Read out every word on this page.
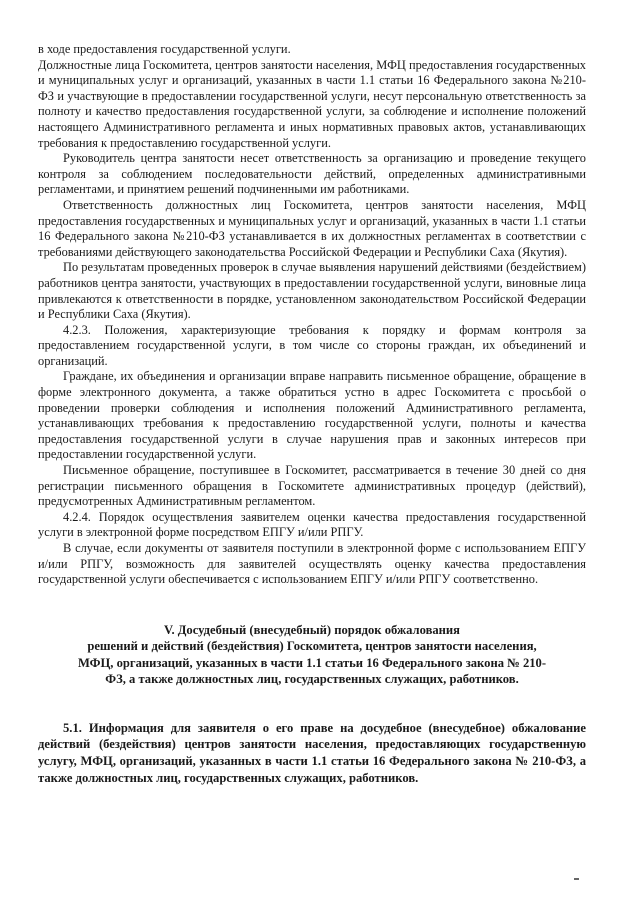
в ходе предоставления государственной услуги.

Должностные лица Госкомитета, центров занятости населения, МФЦ предоставления государственных и муниципальных услуг и организаций, указанных в части 1.1 статьи 16 Федерального закона №210-ФЗ и участвующие в предоставлении государственной услуги, несут персональную ответственность за полноту и качество предоставления государственной услуги, за соблюдение и исполнение положений настоящего Административного регламента и иных нормативных правовых актов, устанавливающих требования к предоставлению государственной услуги.

Руководитель центра занятости несет ответственность за организацию и проведение текущего контроля за соблюдением последовательности действий, определенных административными регламентами, и принятием решений подчиненными им работниками.

Ответственность должностных лиц Госкомитета, центров занятости населения, МФЦ предоставления государственных и муниципальных услуг и организаций, указанных в части 1.1 статьи 16 Федерального закона №210-ФЗ устанавливается в их должностных регламентах в соответствии с требованиями действующего законодательства Российской Федерации и Республики Саха (Якутия).

По результатам проведенных проверок в случае выявления нарушений действиями (бездействием) работников центра занятости, участвующих в предоставлении государственной услуги, виновные лица привлекаются к ответственности в порядке, установленном законодательством Российской Федерации и Республики Саха (Якутия).

4.2.3. Положения, характеризующие требования к порядку и формам контроля за предоставлением государственной услуги, в том числе со стороны граждан, их объединений и организаций.

Граждане, их объединения и организации вправе направить письменное обращение, обращение в форме электронного документа, а также обратиться устно в адрес Госкомитета с просьбой о проведении проверки соблюдения и исполнения положений Административного регламента, устанавливающих требования к предоставлению государственной услуги, полноты и качества предоставления государственной услуги в случае нарушения прав и законных интересов при предоставлении государственной услуги.

Письменное обращение, поступившее в Госкомитет, рассматривается в течение 30 дней со дня регистрации письменного обращения в Госкомитете административных процедур (действий), предусмотренных Административным регламентом.

4.2.4. Порядок осуществления заявителем оценки качества предоставления государственной услуги в электронной форме посредством ЕПГУ и/или РПГУ.

В случае, если документы от заявителя поступили в электронной форме с использованием ЕПГУ и/или РПГУ, возможность для заявителей осуществлять оценку качества предоставления государственной услуги обеспечивается с использованием ЕПГУ и/или РПГУ соответственно.

V. Досудебный (внесудебный) порядок обжалования

решений и действий (бездействия) Госкомитета, центров занятости населения,

МФЦ, организаций, указанных в части 1.1 статьи 16 Федерального закона № 210-

ФЗ, а также должностных лиц, государственных служащих, работников.

5.1. Информация для заявителя о его праве на досудебное (внесудебное) обжалование действий (бездействия) центров занятости населения, предоставляющих государственную услугу, МФЦ, организаций, указанных в части 1.1 статьи 16 Федерального закона № 210-ФЗ, а также должностных лиц, государственных служащих, работников.
